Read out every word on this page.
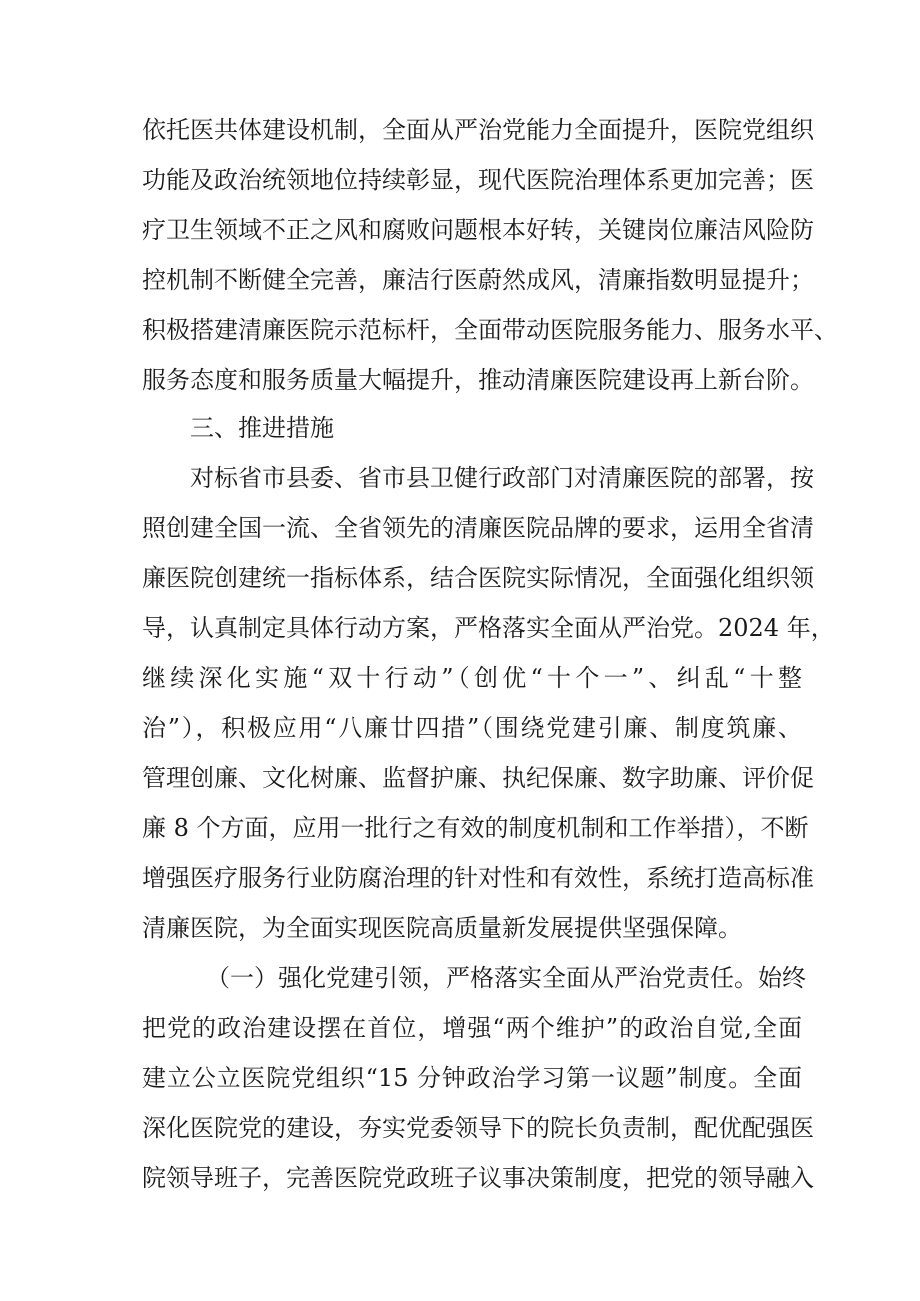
依托医共体建设机制，全面从严治党能力全面提升，医院党组织
功能及政治统领地位持续彰显，现代医院治理体系更加完善；医
疗卫生领域不正之风和腐败问题根本好转，关键岗位廉洁风险防
控机制不断健全完善，廉洁行医蔚然成风，清廉指数明显提升；
积极搭建清廉医院示范标杆，全面带动医院服务能力、服务水平、
服务态度和服务质量大幅提升，推动清廉医院建设再上新台阶。
三、推进措施
对标省市县委、省市县卫健行政部门对清廉医院的部署，按
照创建全国一流、全省领先的清廉医院品牌的要求，运用全省清
廉医院创建统一指标体系，结合医院实际情况，全面强化组织领
导，认真制定具体行动方案，严格落实全面从严治党。2024 年，
继续深化实施“双十行动”（创优“十个一”、纠乱“十整
治”），积极应用“八廉廿四措”（围绕党建引廉、制度筑廉、
管理创廉、文化树廉、监督护廉、执纪保廉、数字助廉、评价促
廉 8 个方面，应用一批行之有效的制度机制和工作举措），不断
增强医疗服务行业防腐治理的针对性和有效性，系统打造高标准
清廉医院，为全面实现医院高质量新发展提供坚强保障。
（一）强化党建引领，严格落实全面从严治党责任。始终
把党的政治建设摆在首位，增强“两个维护”的政治自觉,全面
建立公立医院党组织“15 分钟政治学习第一议题”制度。全面
深化医院党的建设，夯实党委领导下的院长负责制，配优配强医
院领导班子，完善医院党政班子议事决策制度，把党的领导融入
